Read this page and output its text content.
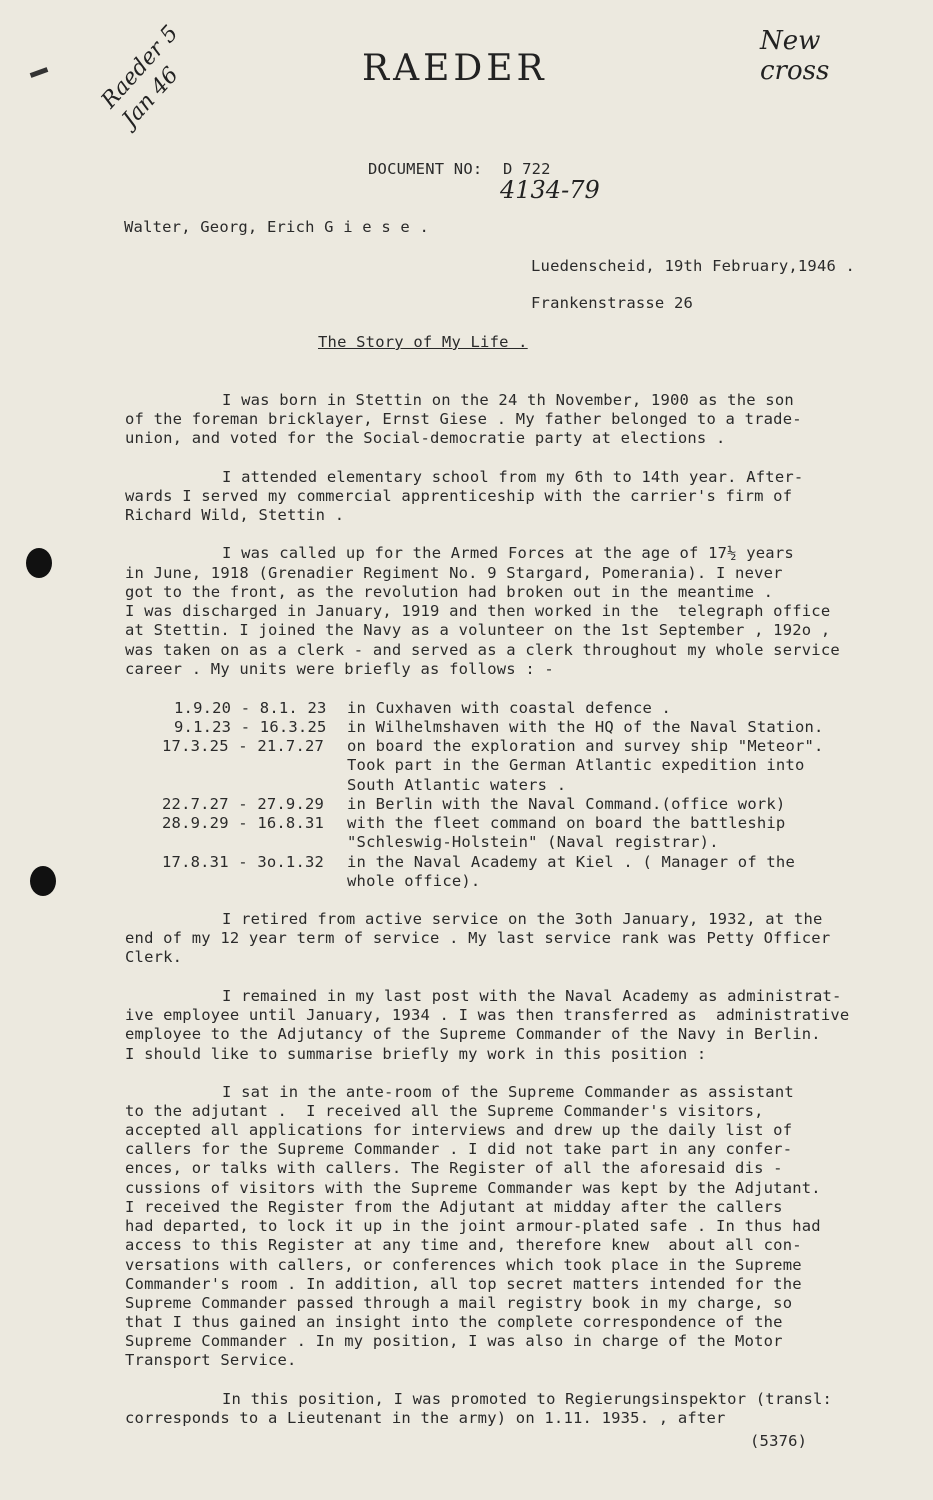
RAEDER
New cross
Raeder 5 Jan 46
4134-79
DOCUMENT NO: D 722
Walter, Georg, Erich G i e s e .
Luedenscheid, 19th February,1946 .
Frankenstrasse 26
The Story of My Life .
I was born in Stettin on the 24 th November, 1900 as the son
of the foreman bricklayer, Ernst Giese . My father belonged to a trade-
union, and voted for the Social-democratie party at elections .
I attended elementary school from my 6th to 14th year. After-
wards I served my commercial apprenticeship with the carrier's firm of
Richard Wild, Stettin .
I was called up for the Armed Forces at the age of 17½ years
in June, 1918 (Grenadier Regiment No. 9 Stargard, Pomerania). I never
got to the front, as the revolution had broken out in the meantime .
I was discharged in January, 1919 and then worked in the  telegraph office
at Stettin. I joined the Navy as a volunteer on the 1st September , 192o ,
was taken on as a clerk - and served as a clerk throughout my whole service
career . My units were briefly as follows : -
1.9.20 - 8.1. 23 in Cuxhaven with coastal defence .
9.1.23 - 16.3.25 in Wilhelmshaven with the HQ of the Naval Station.
17.3.25 - 21.7.27 on board the exploration and survey ship "Meteor".
Took part in the German Atlantic expedition into
South Atlantic waters .
22.7.27 - 27.9.29 in Berlin with the Naval Command.(office work)
28.9.29 - 16.8.31 with the fleet command on board the battleship
"Schleswig-Holstein" (Naval registrar).
17.8.31 - 3o.1.32 in the Naval Academy at Kiel . ( Manager of the
whole office).
I retired from active service on the 3oth January, 1932, at the
end of my 12 year term of service . My last service rank was Petty Officer
Clerk.
I remained in my last post with the Naval Academy as administrat-
ive employee until January, 1934 . I was then transferred as  administrative
employee to the Adjutancy of the Supreme Commander of the Navy in Berlin.
I should like to summarise briefly my work in this position :
I sat in the ante-room of the Supreme Commander as assistant
to the adjutant .  I received all the Supreme Commander's visitors,
accepted all applications for interviews and drew up the daily list of
callers for the Supreme Commander . I did not take part in any confer-
ences, or talks with callers. The Register of all the aforesaid dis -
cussions of visitors with the Supreme Commander was kept by the Adjutant.
I received the Register from the Adjutant at midday after the callers
had departed, to lock it up in the joint armour-plated safe . In thus had
access to this Register at any time and, therefore knew  about all con-
versations with callers, or conferences which took place in the Supreme
Commander's room . In addition, all top secret matters intended for the
Supreme Commander passed through a mail registry book in my charge, so
that I thus gained an insight into the complete correspondence of the
Supreme Commander . In my position, I was also in charge of the Motor
Transport Service.
In this position, I was promoted to Regierungsinspektor (transl:
corresponds to a Lieutenant in the army) on 1.11. 1935. , after
(5376)
